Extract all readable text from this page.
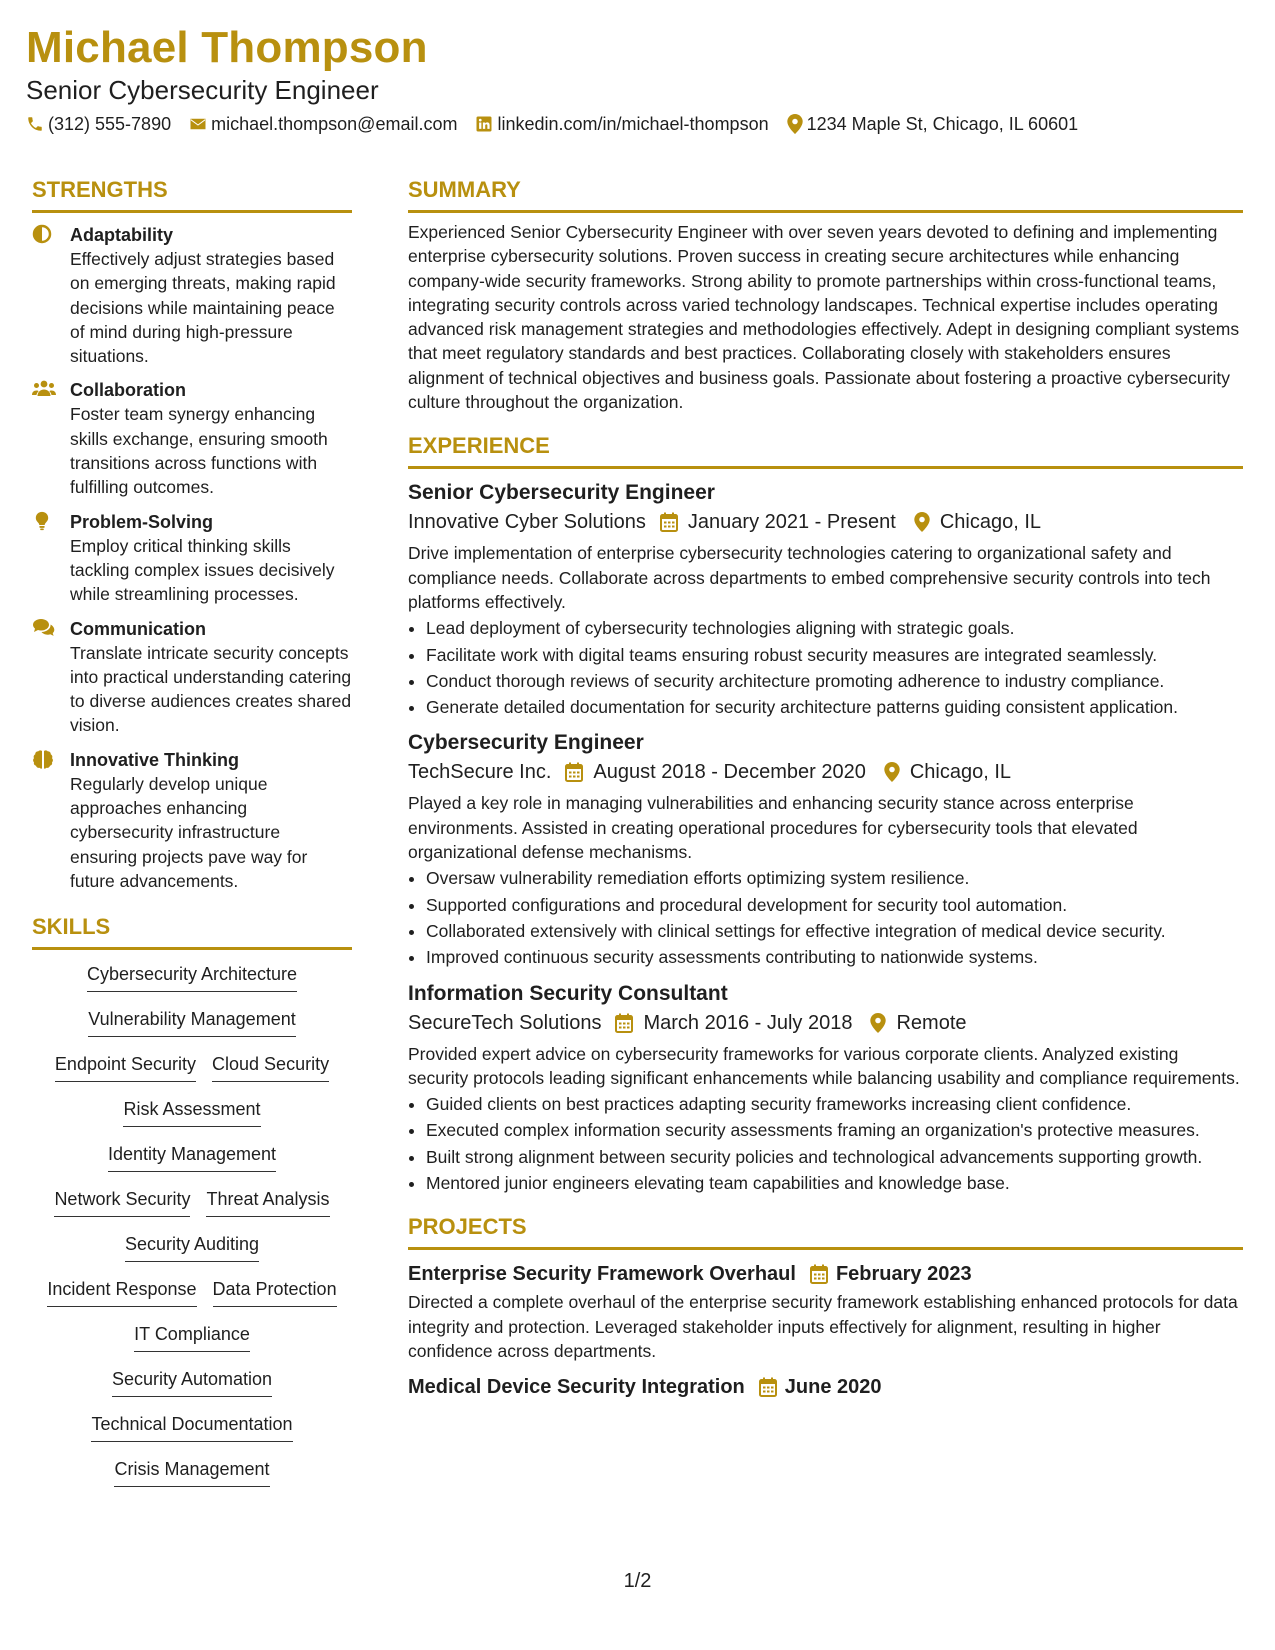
Michael Thompson
Senior Cybersecurity Engineer
(312) 555-7890 michael.thompson@email.com linkedin.com/in/michael-thompson 1234 Maple St, Chicago, IL 60601
STRENGTHS
Adaptability
Effectively adjust strategies based on emerging threats, making rapid decisions while maintaining peace of mind during high-pressure situations.
Collaboration
Foster team synergy enhancing skills exchange, ensuring smooth transitions across functions with fulfilling outcomes.
Problem-Solving
Employ critical thinking skills tackling complex issues decisively while streamlining processes.
Communication
Translate intricate security concepts into practical understanding catering to diverse audiences creates shared vision.
Innovative Thinking
Regularly develop unique approaches enhancing cybersecurity infrastructure ensuring projects pave way for future advancements.
SKILLS
Cybersecurity Architecture
Vulnerability Management
Endpoint Security Cloud Security
Risk Assessment
Identity Management
Network Security Threat Analysis
Security Auditing
Incident Response Data Protection
IT Compliance
Security Automation
Technical Documentation
Crisis Management
SUMMARY
Experienced Senior Cybersecurity Engineer with over seven years devoted to defining and implementing enterprise cybersecurity solutions. Proven success in creating secure architectures while enhancing company-wide security frameworks. Strong ability to promote partnerships within cross-functional teams, integrating security controls across varied technology landscapes. Technical expertise includes operating advanced risk management strategies and methodologies effectively. Adept in designing compliant systems that meet regulatory standards and best practices. Collaborating closely with stakeholders ensures alignment of technical objectives and business goals. Passionate about fostering a proactive cybersecurity culture throughout the organization.
EXPERIENCE
Senior Cybersecurity Engineer
Innovative Cyber Solutions January 2021 - Present Chicago, IL
Drive implementation of enterprise cybersecurity technologies catering to organizational safety and compliance needs. Collaborate across departments to embed comprehensive security controls into tech platforms effectively.
• Lead deployment of cybersecurity technologies aligning with strategic goals.
• Facilitate work with digital teams ensuring robust security measures are integrated seamlessly.
• Conduct thorough reviews of security architecture promoting adherence to industry compliance.
• Generate detailed documentation for security architecture patterns guiding consistent application.
Cybersecurity Engineer
TechSecure Inc. August 2018 - December 2020 Chicago, IL
Played a key role in managing vulnerabilities and enhancing security stance across enterprise environments. Assisted in creating operational procedures for cybersecurity tools that elevated organizational defense mechanisms.
• Oversaw vulnerability remediation efforts optimizing system resilience.
• Supported configurations and procedural development for security tool automation.
• Collaborated extensively with clinical settings for effective integration of medical device security.
• Improved continuous security assessments contributing to nationwide systems.
Information Security Consultant
SecureTech Solutions March 2016 - July 2018 Remote
Provided expert advice on cybersecurity frameworks for various corporate clients. Analyzed existing security protocols leading significant enhancements while balancing usability and compliance requirements.
• Guided clients on best practices adapting security frameworks increasing client confidence.
• Executed complex information security assessments framing an organization's protective measures.
• Built strong alignment between security policies and technological advancements supporting growth.
• Mentored junior engineers elevating team capabilities and knowledge base.
PROJECTS
Enterprise Security Framework Overhaul February 2023
Directed a complete overhaul of the enterprise security framework establishing enhanced protocols for data integrity and protection. Leveraged stakeholder inputs effectively for alignment, resulting in higher confidence across departments.
Medical Device Security Integration June 2020
1/2
